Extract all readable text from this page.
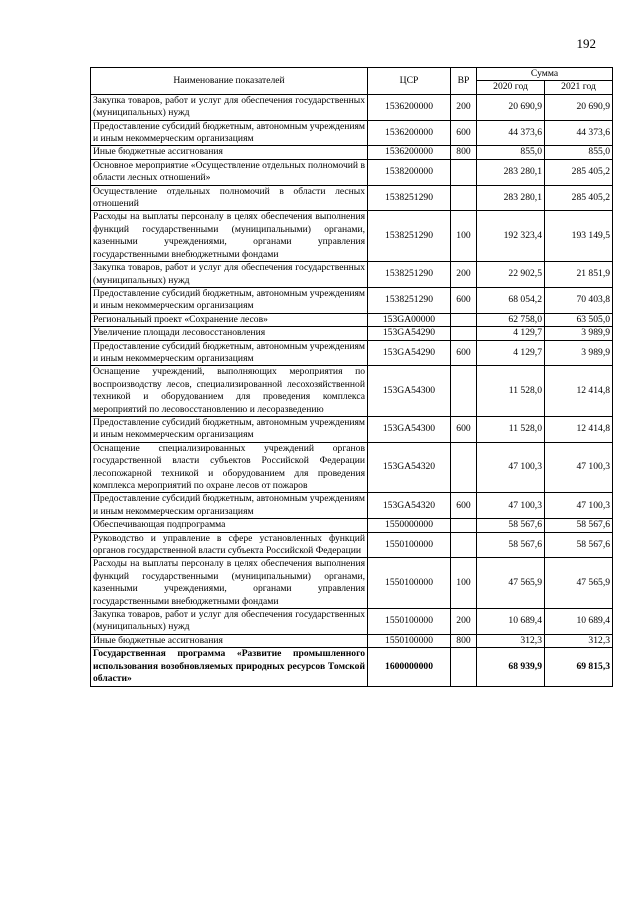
192
Наименование показателей	ЦСР	ВР	Сумма	
			2020 год	2021 год
Закупка товаров, работ и услуг для обеспечения государственных (муниципальных) нужд	1536200000	200	20 690,9	20 690,9
Предоставление субсидий бюджетным, автономным учреждениям и иным некоммерческим организациям	1536200000	600	44 373,6	44 373,6
Иные бюджетные ассигнования	1536200000	800	855,0	855,0
Основное мероприятие «Осуществление отдельных полномочий в области лесных отношений»	1538200000		283 280,1	285 405,2
Осуществление отдельных полномочий в области лесных отношений	1538251290		283 280,1	285 405,2
Расходы на выплаты персоналу в целях обеспечения выполнения функций государственными (муниципальными) органами, казенными учреждениями, органами управления государственными внебюджетными фондами	1538251290	100	192 323,4	193 149,5
Закупка товаров, работ и услуг для обеспечения государственных (муниципальных) нужд	1538251290	200	22 902,5	21 851,9
Предоставление субсидий бюджетным, автономным учреждениям и иным некоммерческим организациям	1538251290	600	68 054,2	70 403,8
Региональный проект «Сохранение лесов»	153GA00000		62 758,0	63 505,0
Увеличение площади лесовосстановления	153GA54290		4 129,7	3 989,9
Предоставление субсидий бюджетным, автономным учреждениям и иным некоммерческим организациям	153GA54290	600	4 129,7	3 989,9
Оснащение учреждений, выполняющих мероприятия по воспроизводству лесов, специализированной лесохозяйственной техникой и оборудованием для проведения комплекса мероприятий по лесовосстановлению и лесоразведению	153GA54300		11 528,0	12 414,8
Предоставление субсидий бюджетным, автономным учреждениям и иным некоммерческим организациям	153GA54300	600	11 528,0	12 414,8
Оснащение специализированных учреждений органов государственной власти субъектов Российской Федерации лесопожарной техникой и оборудованием для проведения комплекса мероприятий по охране лесов от пожаров	153GA54320		47 100,3	47 100,3
Предоставление субсидий бюджетным, автономным учреждениям и иным некоммерческим организациям	153GA54320	600	47 100,3	47 100,3
Обеспечивающая подпрограмма	1550000000		58 567,6	58 567,6
Руководство и управление в сфере установленных функций органов государственной власти субъекта Российской Федерации	1550100000		58 567,6	58 567,6
Расходы на выплаты персоналу в целях обеспечения выполнения функций государственными (муниципальными) органами, казенными учреждениями, органами управления государственными внебюджетными фондами	1550100000	100	47 565,9	47 565,9
Закупка товаров, работ и услуг для обеспечения государственных (муниципальных) нужд	1550100000	200	10 689,4	10 689,4
Иные бюджетные ассигнования	1550100000	800	312,3	312,3
Государственная программа «Развитие промышленного использования возобновляемых природных ресурсов Томской области»	1600000000		68 939,9	69 815,3
